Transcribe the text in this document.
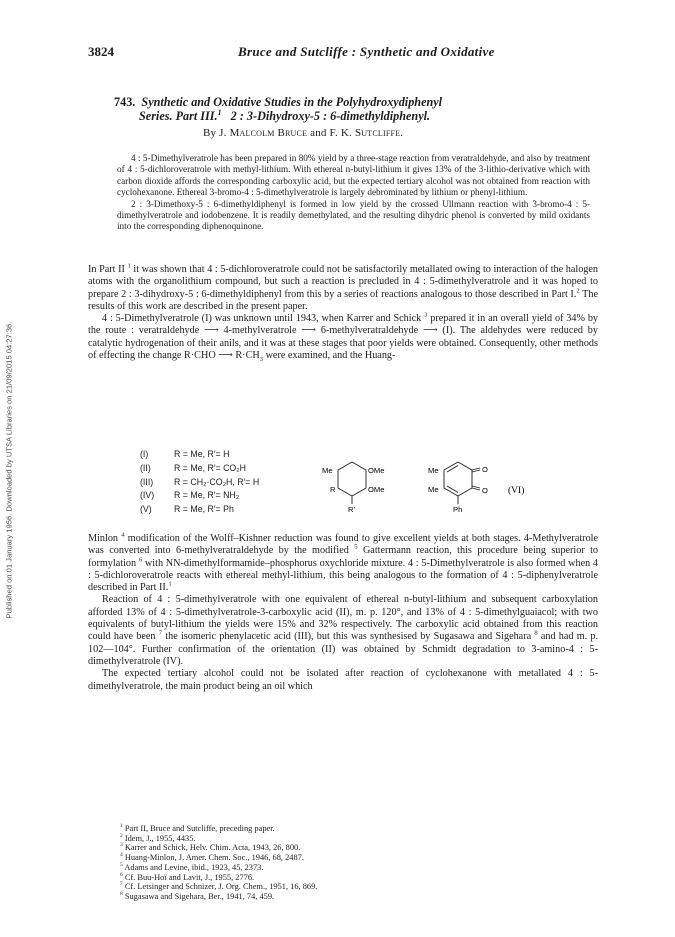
Published on 01 January 1956. Downloaded by UTSA Libraries on 21/09/2015 04:27:36.
3824	Bruce and Sutcliffe : Synthetic and Oxidative
743. Synthetic and Oxidative Studies in the Polyhydroxydiphenyl
Series. Part III.$^1$ 2 : 3-Dihydroxy-5 : 6-dimethyldiphenyl.
By J. Malcolm Bruce and F. K. Sutcliffe.

4 : 5-Dimethylveratrole has been prepared in 80% yield by a three-stage reaction from veratraldehyde, and also by treatment of 4 : 5-dichloroveratrole with methyl-lithium. With ethereal n-butyl-lithium it gives 13% of the 3-lithio-derivative which with carbon dioxide affords the corresponding carboxylic acid, but the expected tertiary alcohol was not obtained from reaction with cyclohexanone. Ethereal 3-bromo-4 : 5-dimethylveratrole is largely debrominated by lithium or phenyl-lithium.

2 : 3-Dimethoxy-5 : 6-dimethyldiphenyl is formed in low yield by the crossed Ullmann reaction with 3-bromo-4 : 5-dimethylveratrole and iodobenzene. It is readily demethylated, and the resulting dihydric phenol is converted by mild oxidants into the corresponding diphenoquinone.

In Part II $^1$ it was shown that 4 : 5-dichloroveratrole could not be satisfactorily metallated owing to interaction of the halogen atoms with the organolithium compound, but such a reaction is precluded in 4 : 5-dimethylveratrole and it was hoped to prepare 2 : 3-dihydroxy-5 : 6-dimethyldiphenyl from this by a series of reactions analogous to those described in Part I.$^2$ The results of this work are described in the present paper.

4 : 5-Dimethylveratrole (I) was unknown until 1943, when Karrer and Schick $^3$ prepared it in an overall yield of 34% by the route : veratraldehyde ⟶ 4-methylveratrole ⟶ 6-methylveratraldehyde ⟶ (I). The aldehydes were reduced by catalytic hydrogenation of their anils, and it was at these stages that poor yields were obtained. Consequently, other methods of effecting the change R·CHO ⟶ $R\cdot CH_3$ were examined, and the Huang-

(I)	R = Me, R′= H
(II)	R = Me, R′= CO₂H
(III) R = CH₂·CO₂H, R′= H
(IV) R = Me, R′= NH₂
(V)	R = Me, R′= Ph
Me	OMe
R	OMe
R′
Me	O
Me	O
Ph
(VI)

Minlon $^4$ modification of the Wolff–Kishner reduction was found to give excellent yields at both stages. 4-Methylveratrole was converted into 6-methylveratraldehyde by the modified $^5$ Gattermann reaction, this procedure being superior to formylation $^6$ with NN-dimethylformamide–phosphorus oxychloride mixture. 4 : 5-Dimethylveratrole is also formed when 4 : 5-dichloroveratrole reacts with ethereal methyl-lithium, this being analogous to the formation of 4 : 5-diphenylveratrole described in Part II.$^1$

Reaction of 4 : 5-dimethylveratrole with one equivalent of ethereal n-butyl-lithium and subsequent carboxylation afforded 13% of 4 : 5-dimethylveratrole-3-carboxylic acid (II), m. p. 120°, and 13% of 4 : 5-dimethylguaiacol; with two equivalents of butyl-lithium the yields were 15% and 32% respectively. The carboxylic acid obtained from this reaction could have been $^7$ the isomeric phenylacetic acid (III), but this was synthesised by Sugasawa and Sigehara $^8$ and had m. p. 102—104°. Further confirmation of the orientation (II) was obtained by Schmidt degradation to 3-amino-4 : 5-dimethylveratrole (IV).

The expected tertiary alcohol could not be isolated after reaction of cyclohexanone with metallated 4 : 5-dimethylveratrole, the main product being an oil which

$^1$ Part II, Bruce and Sutcliffe, preceding paper.
$^2$ Idem, J., 1955, 4435.
$^3$ Karrer and Schick, Helv. Chim. Acta, 1943, 26, 800.
$^4$ Huang-Minlon, J. Amer. Chem. Soc., 1946, 68, 2487.
$^5$ Adams and Levine, ibid., 1923, 45, 2373.
$^6$ Cf. Buu-Hoï and Lavit, J., 1955, 2776.
$^7$ Cf. Letsinger and Schnizer, J. Org. Chem., 1951, 16, 869.
$^8$ Sugasawa and Sigehara, Ber., 1941, 74, 459.
